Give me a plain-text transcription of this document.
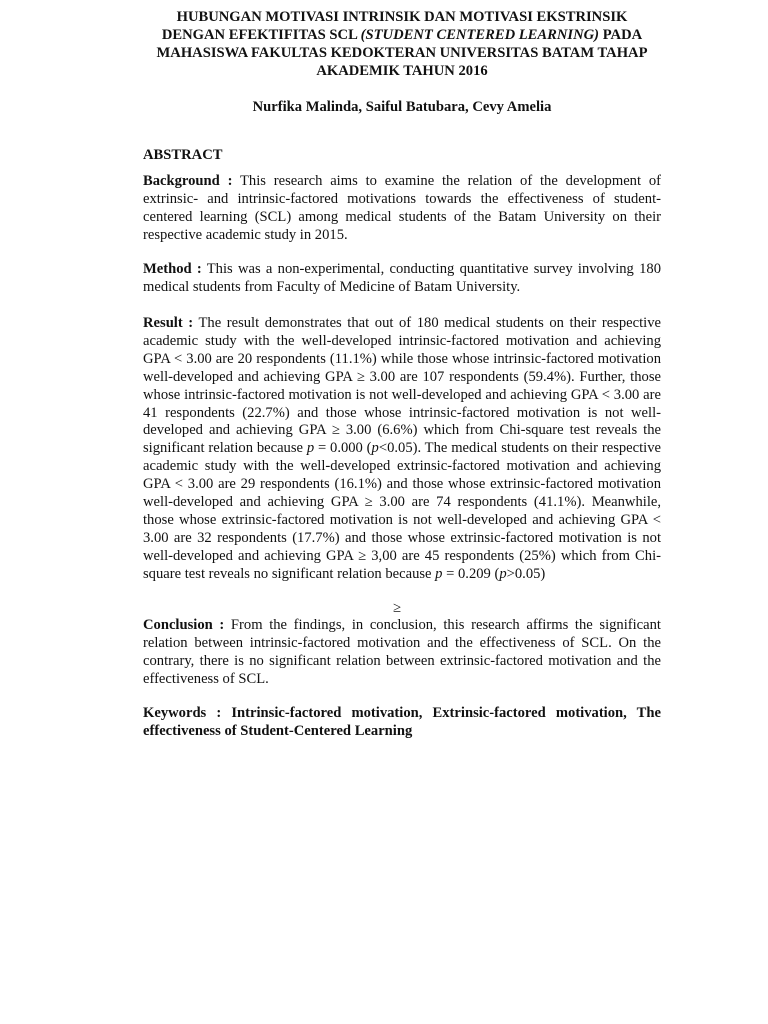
HUBUNGAN MOTIVASI INTRINSIK DAN MOTIVASI EKSTRINSIK
DENGAN EFEKTIFITAS SCL (STUDENT CENTERED LEARNING) PADA
MAHASISWA FAKULTAS KEDOKTERAN UNIVERSITAS BATAM TAHAP
AKADEMIK TAHUN 2016
Nurfika Malinda, Saiful Batubara, Cevy Amelia
ABSTRACT
Background : This research aims to examine the relation of the development of extrinsic- and intrinsic-factored motivations towards the effectiveness of student-centered learning (SCL) among medical students of the Batam University on their respective academic study in 2015.
Method : This was a non-experimental, conducting quantitative survey involving 180 medical students from Faculty of Medicine of Batam University.
Result : The result demonstrates that out of 180 medical students on their respective academic study with the well-developed intrinsic-factored motivation and achieving GPA < 3.00 are 20 respondents (11.1%) while those whose intrinsic-factored motivation well-developed and achieving GPA ≥ 3.00 are 107 respondents (59.4%). Further, those whose intrinsic-factored motivation is not well-developed and achieving GPA < 3.00 are 41 respondents (22.7%) and those whose intrinsic-factored motivation is not well-developed and achieving GPA ≥ 3.00 (6.6%) which from Chi-square test reveals the significant relation because p = 0.000 (p<0.05). The medical students on their respective academic study with the well-developed extrinsic-factored motivation and achieving GPA < 3.00 are 29 respondents (16.1%) and those whose extrinsic-factored motivation well-developed and achieving GPA ≥ 3.00 are 74 respondents (41.1%). Meanwhile, those whose extrinsic-factored motivation is not well-developed and achieving GPA < 3.00 are 32 respondents (17.7%) and those whose extrinsic-factored motivation is not well-developed and achieving GPA ≥ 3,00 are 45 respondents (25%) which from Chi-square test reveals no significant relation because p = 0.209 (p>0.05)
≥
Conclusion : From the findings, in conclusion, this research affirms the significant relation between intrinsic-factored motivation and the effectiveness of SCL. On the contrary, there is no significant relation between extrinsic-factored motivation and the effectiveness of SCL.
Keywords : Intrinsic-factored motivation, Extrinsic-factored motivation, The effectiveness of Student-Centered Learning
